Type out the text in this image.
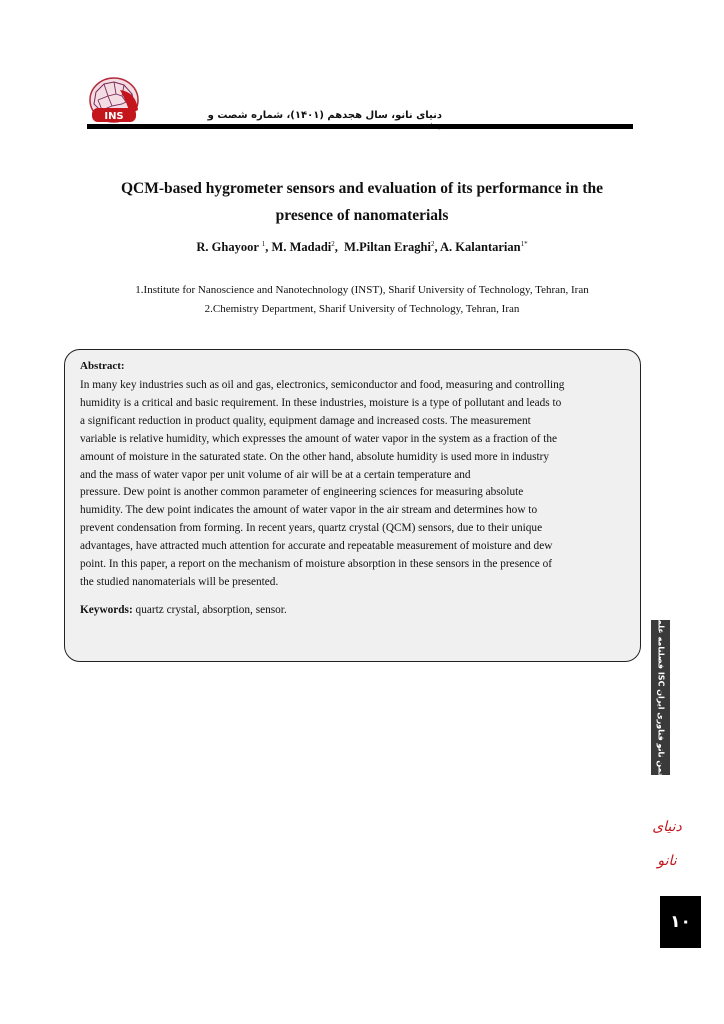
INS	دنیای نانو، سال هجدهم (۱۴۰۱)، شماره شصت و
QCM-based hygrometer sensors and evaluation of its performance in the
presence of nanomaterials
R. Ghayoor $^1$, M. Madadi$^2$,  M.Piltan Eraghi$^2$, A. Kalantarian$^{1*}$
1.Institute for Nanoscience and Nanotechnology (INST), Sharif University of Technology, Tehran, Iran
2.Chemistry Department, Sharif University of Technology, Tehran, Iran
Abstract:
In many key industries such as oil and gas, electronics, semiconductor and food, measuring and controlling
humidity is a critical and basic requirement. In these industries, moisture is a type of pollutant and leads to
a significant reduction in product quality, equipment damage and increased costs. The measurement
variable is relative humidity, which expresses the amount of water vapor in the system as a fraction of the
amount of moisture in the saturated state. On the other hand, absolute humidity is used more in industry
and the mass of water vapor per unit volume of air will be at a certain temperature and
pressure. Dew point is another common parameter of engineering sciences for measuring absolute
humidity. The dew point indicates the amount of water vapor in the air stream and determines how to
prevent condensation from forming. In recent years, quartz crystal (QCM) sensors, due to their unique
advantages, have attracted much attention for accurate and repeatable measurement of moisture and dew
point. In this paper, a report on the mechanism of moisture absorption in these sensors in the presence of
the studied nanomaterials will be presented.
Keywords: quartz crystal, absorption, sensor.
فصلنامه علمی ISC انجمن نانو فناوری ایران
دنیای
نانو
۱۰
